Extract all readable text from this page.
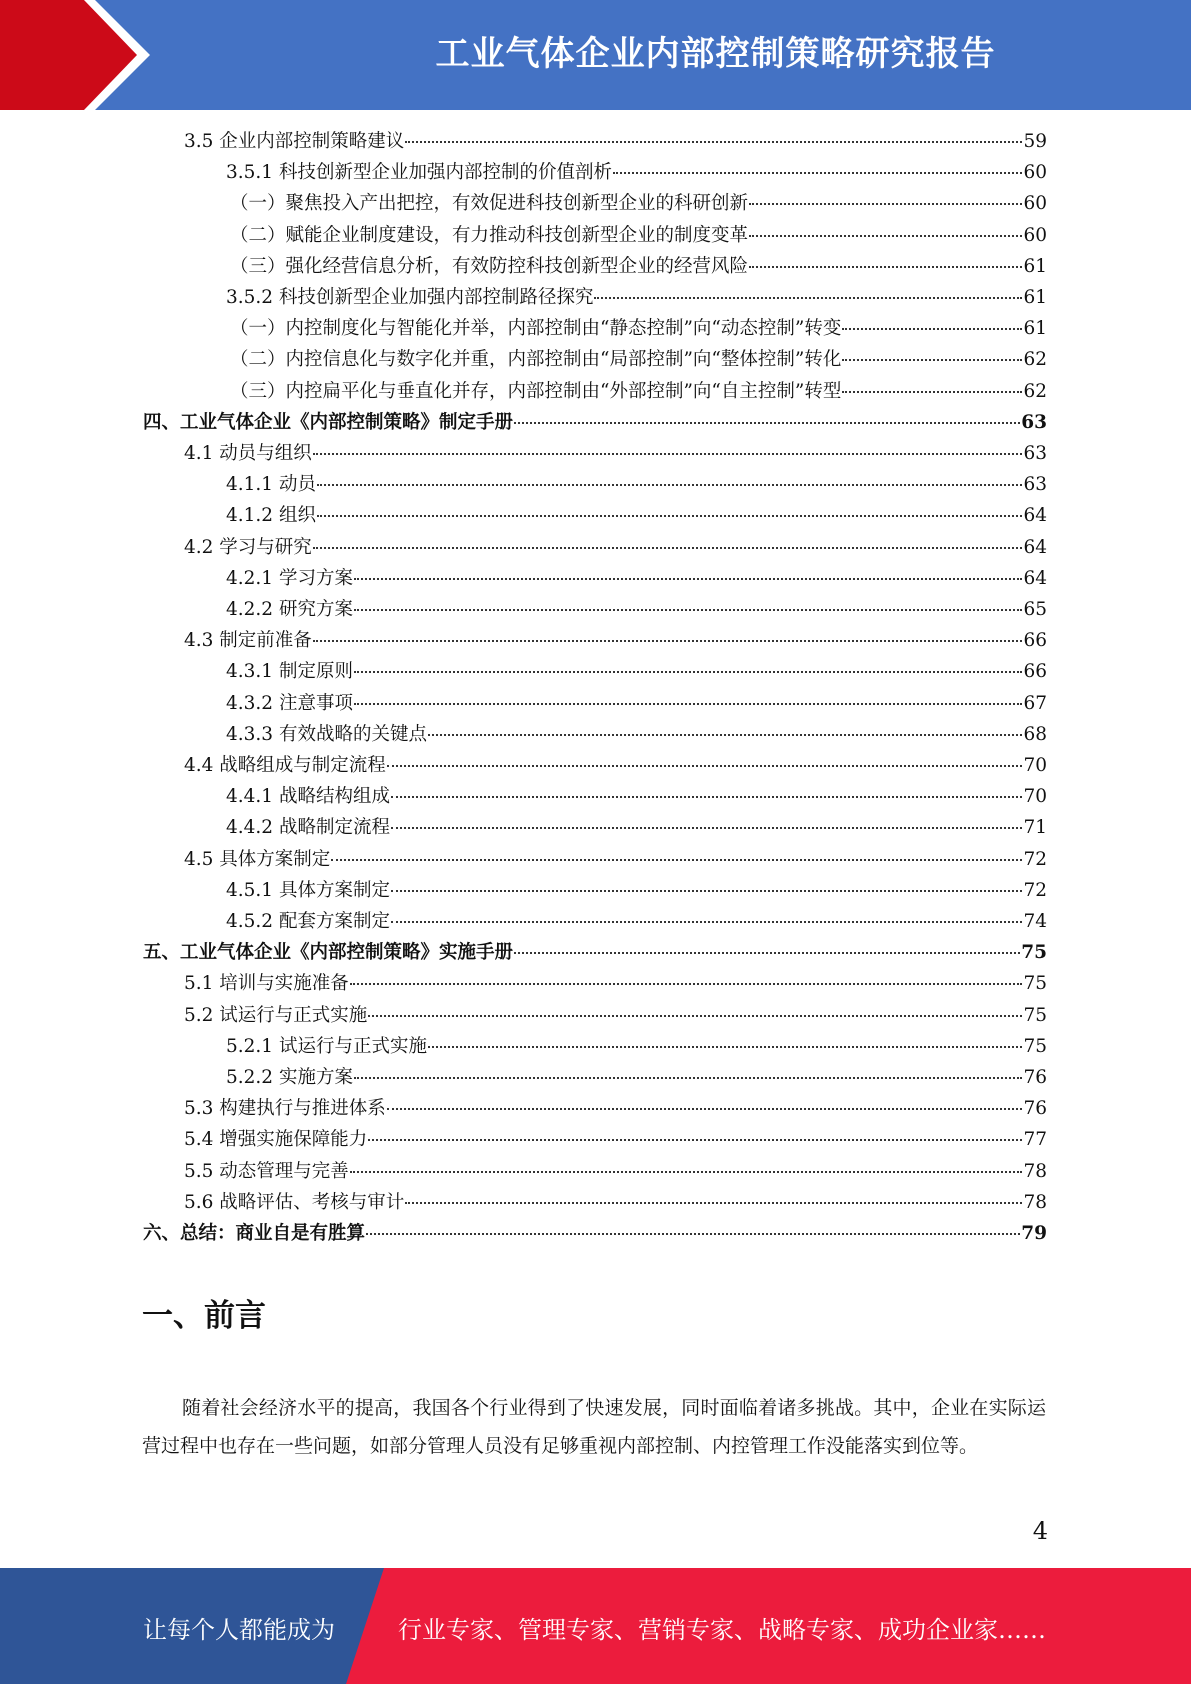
工业气体企业内部控制策略研究报告
3.5 企业内部控制策略建议	59
3.5.1 科技创新型企业加强内部控制的价值剖析	60
（一）聚焦投入产出把控，有效促进科技创新型企业的科研创新	60
（二）赋能企业制度建设，有力推动科技创新型企业的制度变革	60
（三）强化经营信息分析，有效防控科技创新型企业的经营风险	61
3.5.2 科技创新型企业加强内部控制路径探究	61
（一）内控制度化与智能化并举，内部控制由“静态控制”向“动态控制”转变	61
（二）内控信息化与数字化并重，内部控制由“局部控制”向“整体控制”转化	62
（三）内控扁平化与垂直化并存，内部控制由“外部控制”向“自主控制”转型	62
四、工业气体企业《内部控制策略》制定手册	63
4.1 动员与组织	63
4.1.1 动员	63
4.1.2 组织	64
4.2 学习与研究	64
4.2.1 学习方案	64
4.2.2 研究方案	65
4.3 制定前准备	66
4.3.1 制定原则	66
4.3.2 注意事项	67
4.3.3 有效战略的关键点	68
4.4 战略组成与制定流程	70
4.4.1 战略结构组成	70
4.4.2 战略制定流程	71
4.5 具体方案制定	72
4.5.1 具体方案制定	72
4.5.2 配套方案制定	74
五、工业气体企业《内部控制策略》实施手册	75
5.1 培训与实施准备	75
5.2 试运行与正式实施	75
5.2.1 试运行与正式实施	75
5.2.2 实施方案	76
5.3 构建执行与推进体系	76
5.4 增强实施保障能力	77
5.5 动态管理与完善	78
5.6 战略评估、考核与审计	78
六、总结：商业自是有胜算	79
一、前言

随着社会经济水平的提高，我国各个行业得到了快速发展，同时面临着诸多挑战。其中，企业在实际运营过程中也存在一些问题，如部分管理人员没有足够重视内部控制、内控管理工作没能落实到位等。

4
让每个人都能成为	行业专家、管理专家、营销专家、战略专家、成功企业家……
